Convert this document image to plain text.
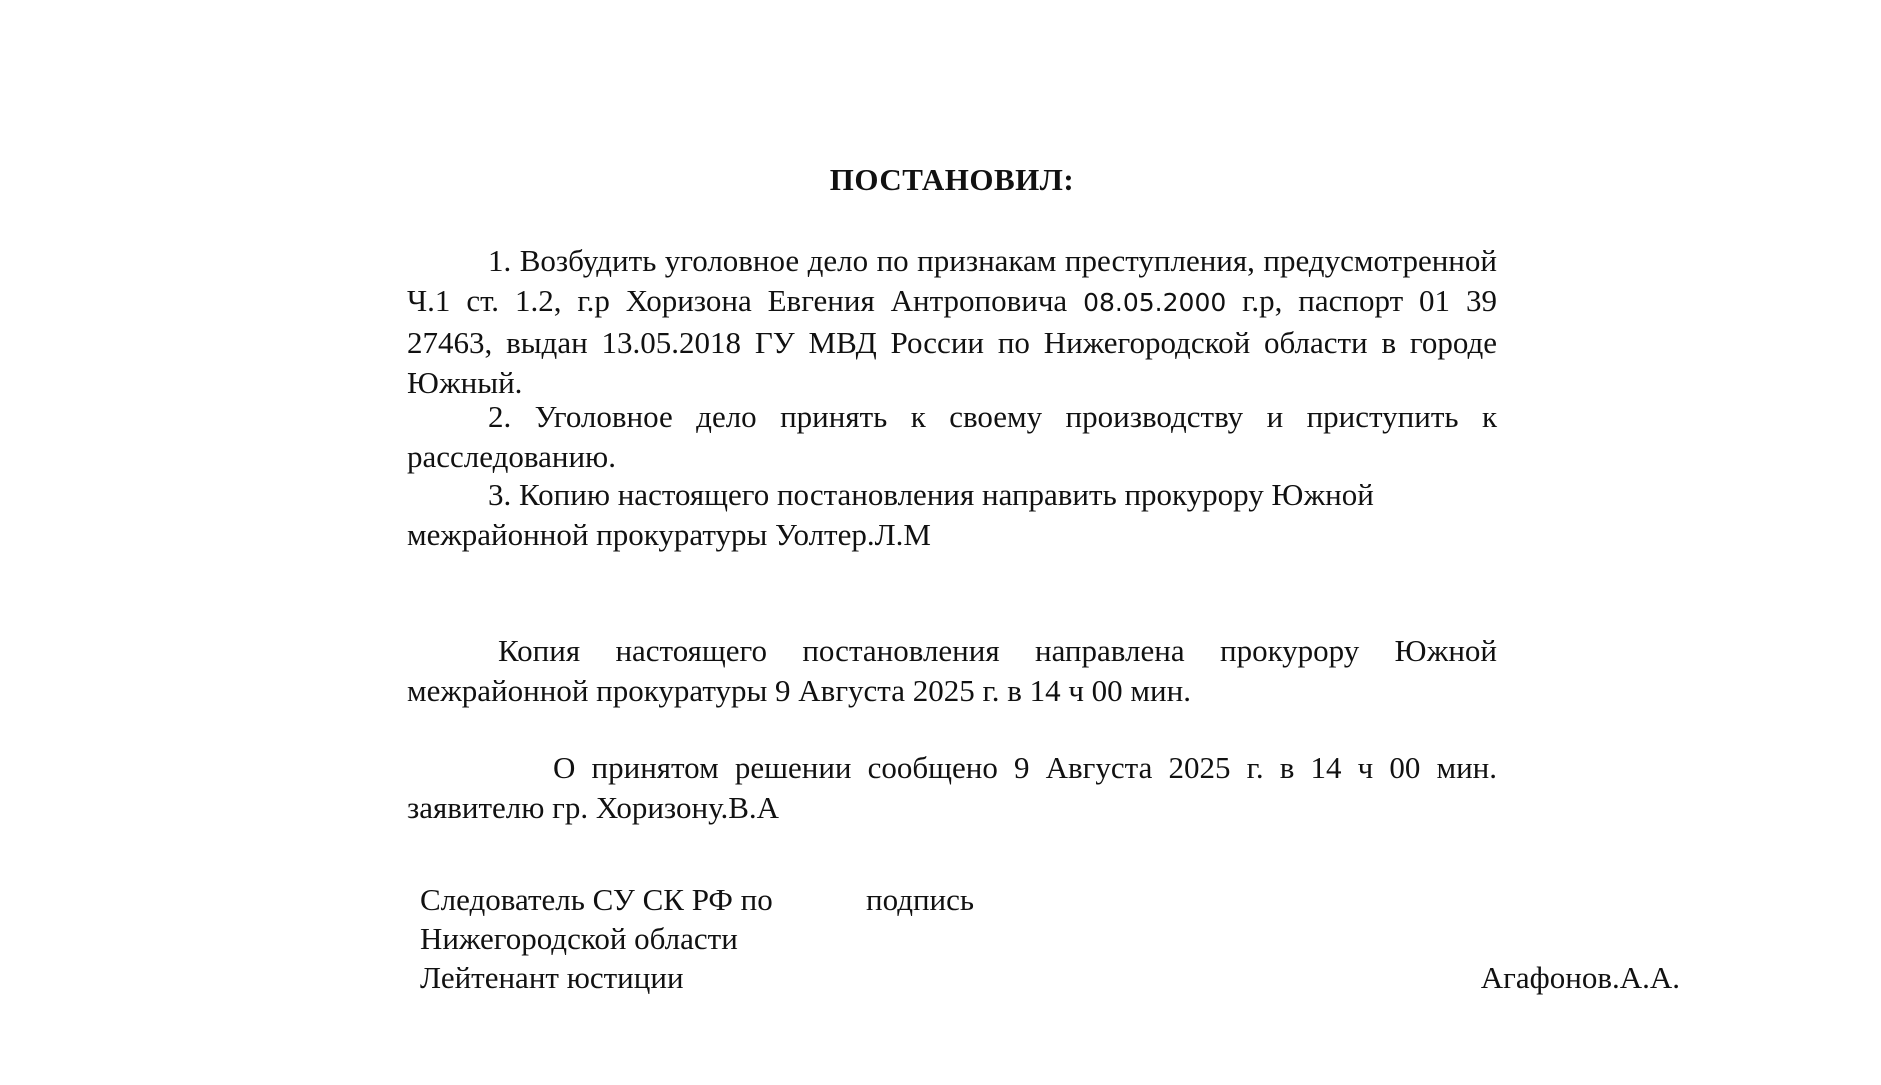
ПОСТАНОВИЛ:

1. Возбудить уголовное дело по признакам преступления, предусмотренной Ч.1 ст. 1.2, г.р Хоризона Евгения Антроповича 08.05.2000 г.р, паспорт 01 39 27463, выдан 13.05.2018 ГУ МВД России по Нижегородской области в городе Южный.

2. Уголовное дело принять к своему производству и приступить к расследованию.

3. Копию настоящего постановления направить прокурору Южной межрайонной прокуратуры Уолтер.Л.М

Копия настоящего постановления направлена прокурору Южной межрайонной прокуратуры 9 Августа 2025 г. в 14 ч 00 мин.

О принятом решении сообщено 9 Августа 2025 г. в 14 ч 00 мин. заявителю гр. Хоризону.В.А

Следователь СУ СК РФ по
Нижегородской области
Лейтенант юстиции
подпись
Агафонов.А.А.
